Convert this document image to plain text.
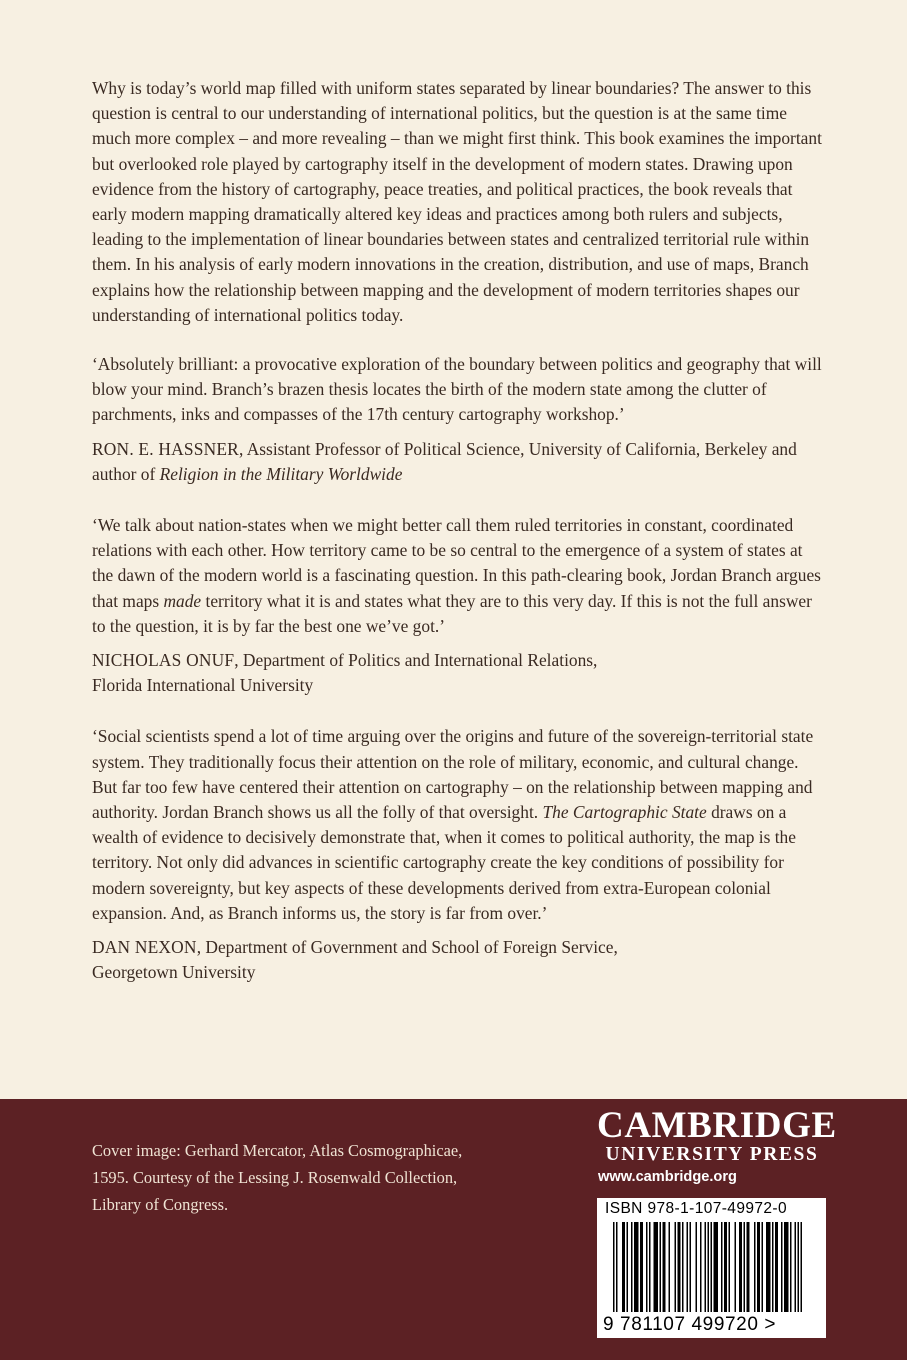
Why is today’s world map filled with uniform states separated by linear boundaries? The answer to this question is central to our understanding of international politics, but the question is at the same time much more complex – and more revealing – than we might first think. This book examines the important but overlooked role played by cartography itself in the development of modern states. Drawing upon evidence from the history of cartography, peace treaties, and political practices, the book reveals that early modern mapping dramatically altered key ideas and practices among both rulers and subjects, leading to the implementation of linear boundaries between states and centralized territorial rule within them. In his analysis of early modern innovations in the creation, distribution, and use of maps, Branch explains how the relationship between mapping and the development of modern territories shapes our understanding of international politics today.

‘Absolutely brilliant: a provocative exploration of the boundary between politics and geography that will blow your mind. Branch’s brazen thesis locates the birth of the modern state among the clutter of parchments, inks and compasses of the 17th century cartography workshop.’

RON. E. HASSNER, Assistant Professor of Political Science, University of California, Berkeley and author of Religion in the Military Worldwide

‘We talk about nation-states when we might better call them ruled territories in constant, coordinated relations with each other. How territory came to be so central to the emergence of a system of states at the dawn of the modern world is a fascinating question. In this path-clearing book, Jordan Branch argues that maps made territory what it is and states what they are to this very day. If this is not the full answer to the question, it is by far the best one we’ve got.’

NICHOLAS ONUF, Department of Politics and International Relations,
Florida International University

‘Social scientists spend a lot of time arguing over the origins and future of the sovereign-territorial state system. They traditionally focus their attention on the role of military, economic, and cultural change. But far too few have centered their attention on cartography – on the relationship between mapping and authority. Jordan Branch shows us all the folly of that oversight. The Cartographic State draws on a wealth of evidence to decisively demonstrate that, when it comes to political authority, the map is the territory. Not only did advances in scientific cartography create the key conditions of possibility for modern sovereignty, but key aspects of these developments derived from extra-European colonial expansion. And, as Branch informs us, the story is far from over.’

DAN NEXON, Department of Government and School of Foreign Service,
Georgetown University

Cover image: Gerhard Mercator, Atlas Cosmographicae,
1595. Courtesy of the Lessing J. Rosenwald Collection,
Library of Congress.
CAMBRIDGE
UNIVERSITY PRESS
www.cambridge.org
ISBN 978-1-107-49972-0
9 781107 499720 >
